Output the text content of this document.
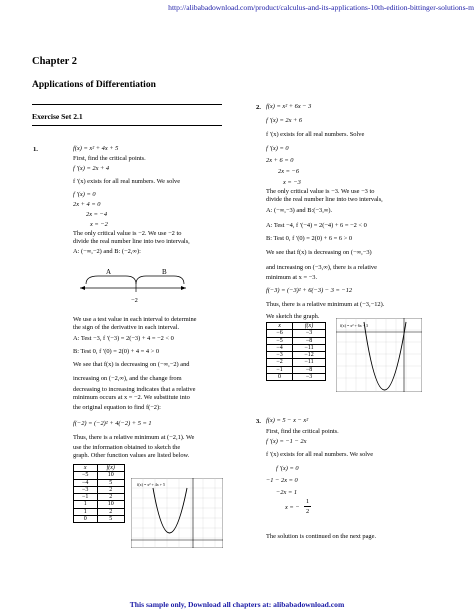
http://alibabadownload.com/product/calculus-and-its-applications-10th-edition-bittinger-solutions-m
Chapter 2
Applications of Differentiation
Exercise Set 2.1
1.	f(x) = x² + 4x + 5
First, find the critical points.
f ′(x) = 2x + 4
f ′(x) exists for all real numbers. We solve
f ′(x) = 0
2x + 4 = 0
2x = −4
x = −2
The only critical value is −2. We use −2 to
divide the real number line into two intervals,
A: (−∞,−2) and B: (−2,∞):
A	B
−2
We use a test value in each interval to determine
the sign of the derivative in each interval.
A: Test −3, f ′(−3) = 2(−3) + 4 = −2 < 0
B: Test 0, f ′(0) = 2(0) + 4 = 4 > 0
We see that f(x) is decreasing on (−∞,−2) and
increasing on (−2,∞), and the change from
decreasing to increasing indicates that a relative
minimum occurs at x = −2. We substitute into
the original equation to find f(−2):
f(−2) = (−2)² + 4(−2) + 5 = 1
Thus, there is a relative minimum at (−2,1). We
use the information obtained to sketch the
graph. Other function values are listed below.
x	f(x)
−5	10
−4	5
−3	2
−1	2
1	10
1	2
0	5
f(x) = x² + 4x + 5
2. f(x) = x² + 6x − 3
f ′(x) = 2x + 6
f ′(x) exists for all real numbers. Solve
f ′(x) = 0
2x + 6 = 0
2x = −6
x = −3
The only critical value is −3. We use −3 to
divide the real number line into two intervals,
A: (−∞,−3) and B:(−3,∞).
A: Test −4, f ′(−4) = 2(−4) + 6 = −2 < 0
B: Test 0, f ′(0) = 2(0) + 6 = 6 > 0
We see that f(x) is decreasing on (−∞,−3)
and increasing on (−3,∞), there is a relative
minimum at x = −3.
f(−3) = (−3)² + 6(−3) − 3 = −12
Thus, there is a relative minimum at (−3,−12).
We sketch the graph.
x	f(x)
−6	−3
−5	−8
−4	−11
−3	−12
−2	−11
−1	−8
0	−3
f(x) = x² + 6x − 3
3. f(x) = 5 − x − x²
First, find the critical points.
f ′(x) = −1 − 2x
f ′(x) exists for all real numbers. We solve
f ′(x) = 0
−1 − 2x = 0
−2x = 1
x = −
1
2
The solution is continued on the next page.
This sample only, Download all chapters at: alibabadownload.com
